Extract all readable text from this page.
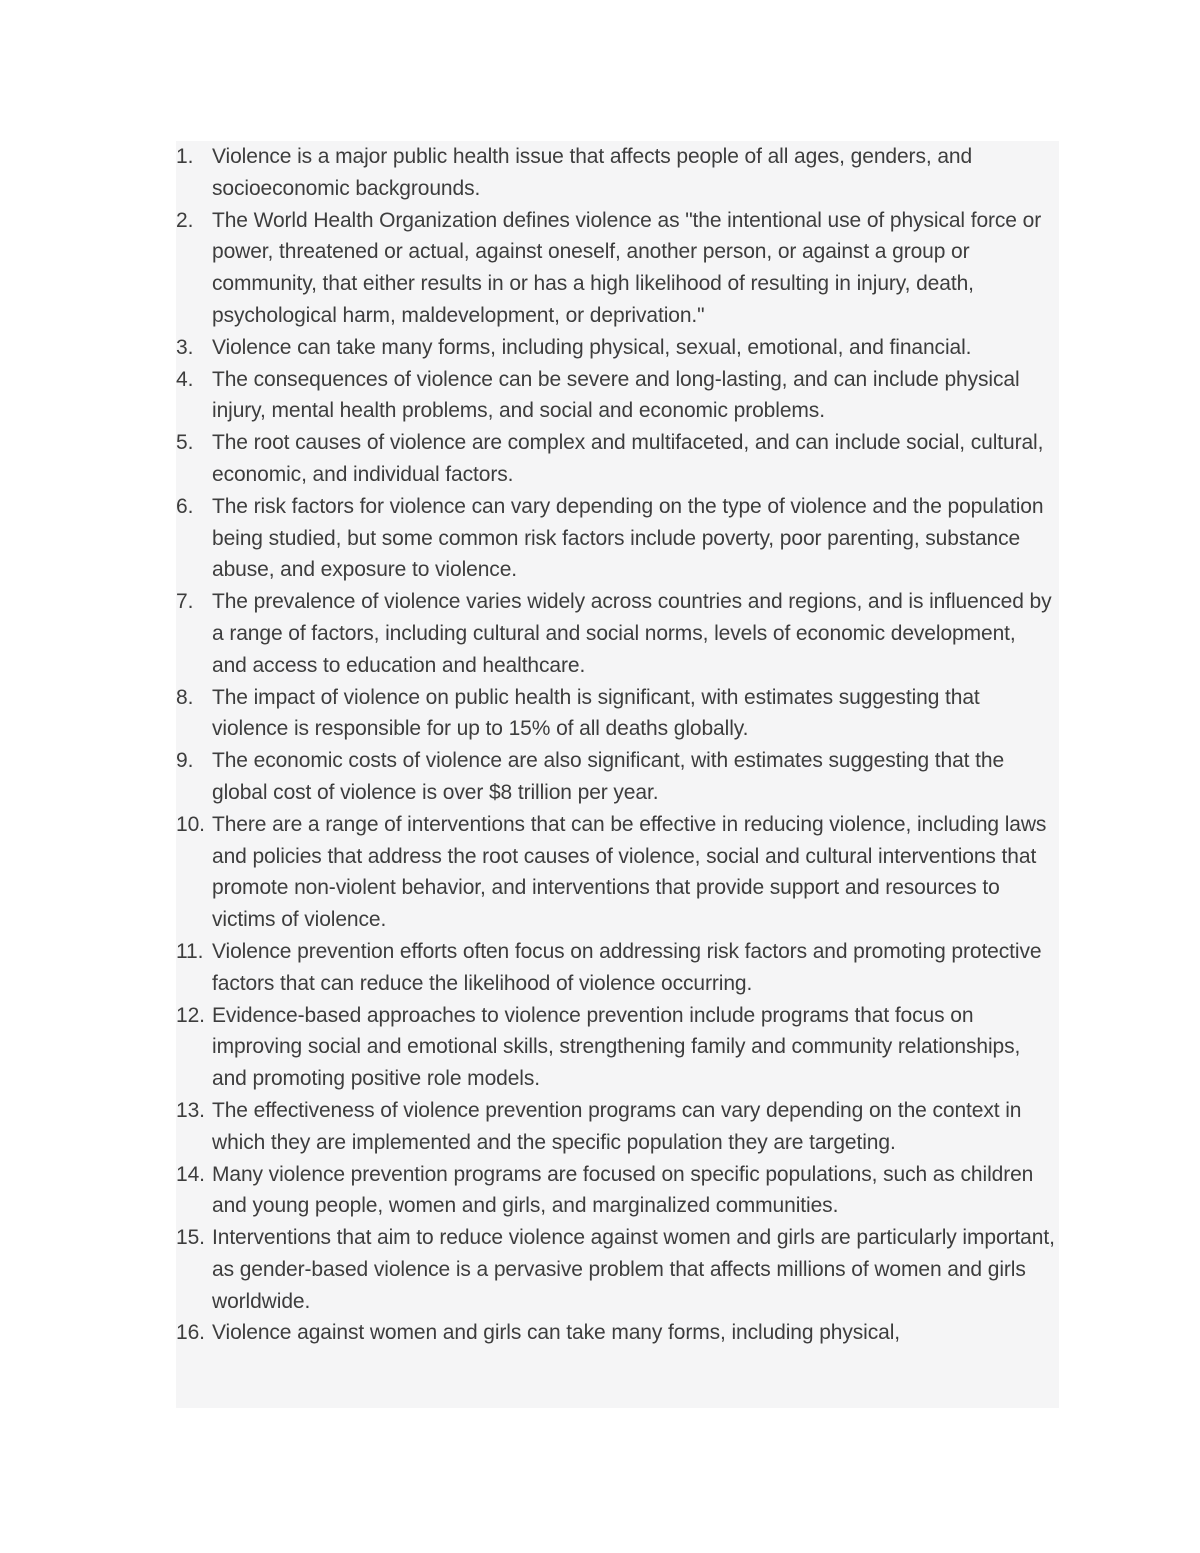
1. Violence is a major public health issue that affects people of all ages, genders, and socioeconomic backgrounds.
2. The World Health Organization defines violence as "the intentional use of physical force or power, threatened or actual, against oneself, another person, or against a group or community, that either results in or has a high likelihood of resulting in injury, death, psychological harm, maldevelopment, or deprivation."
3. Violence can take many forms, including physical, sexual, emotional, and financial.
4. The consequences of violence can be severe and long-lasting, and can include physical injury, mental health problems, and social and economic problems.
5. The root causes of violence are complex and multifaceted, and can include social, cultural, economic, and individual factors.
6. The risk factors for violence can vary depending on the type of violence and the population being studied, but some common risk factors include poverty, poor parenting, substance abuse, and exposure to violence.
7. The prevalence of violence varies widely across countries and regions, and is influenced by a range of factors, including cultural and social norms, levels of economic development, and access to education and healthcare.
8. The impact of violence on public health is significant, with estimates suggesting that violence is responsible for up to 15% of all deaths globally.
9. The economic costs of violence are also significant, with estimates suggesting that the global cost of violence is over $8 trillion per year.
10. There are a range of interventions that can be effective in reducing violence, including laws and policies that address the root causes of violence, social and cultural interventions that promote non-violent behavior, and interventions that provide support and resources to victims of violence.
11. Violence prevention efforts often focus on addressing risk factors and promoting protective factors that can reduce the likelihood of violence occurring.
12. Evidence-based approaches to violence prevention include programs that focus on improving social and emotional skills, strengthening family and community relationships, and promoting positive role models.
13. The effectiveness of violence prevention programs can vary depending on the context in which they are implemented and the specific population they are targeting.
14. Many violence prevention programs are focused on specific populations, such as children and young people, women and girls, and marginalized communities.
15. Interventions that aim to reduce violence against women and girls are particularly important, as gender-based violence is a pervasive problem that affects millions of women and girls worldwide.
16. Violence against women and girls can take many forms, including physical,
